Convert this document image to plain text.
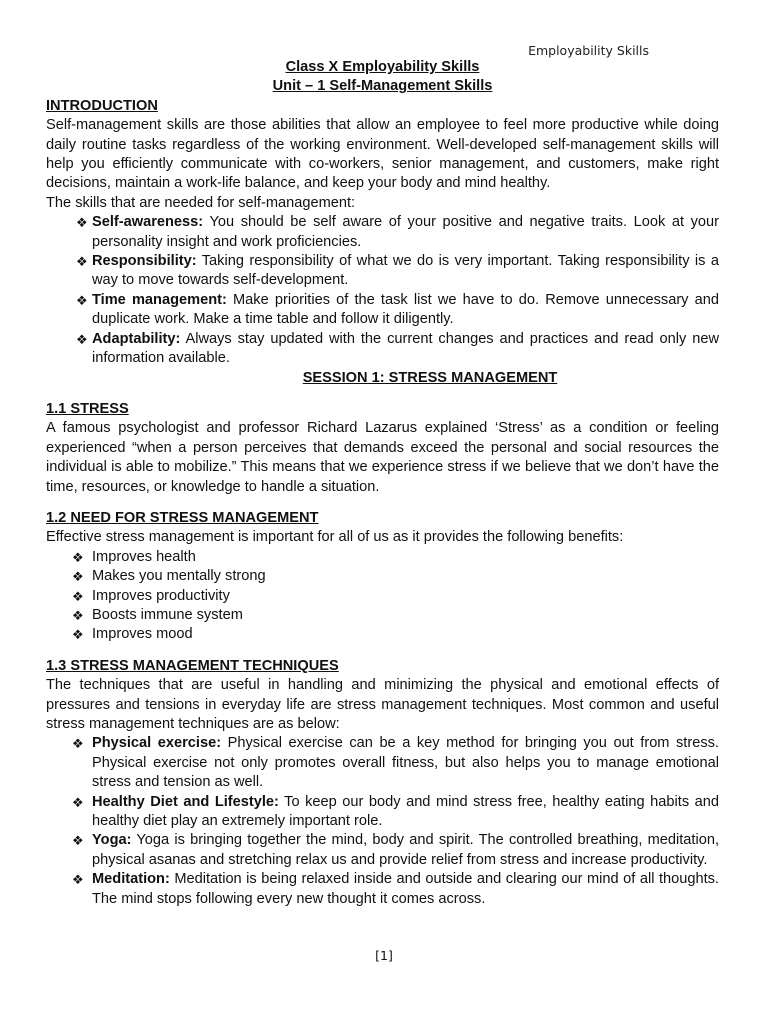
Employability Skills
Class X Employability Skills
Unit – 1 Self-Management Skills
INTRODUCTION

Self-management skills are those abilities that allow an employee to feel more productive while doing daily routine tasks regardless of the working environment. Well-developed self-management skills will help you efficiently communicate with co-workers, senior management, and customers, make right decisions, maintain a work-life balance, and keep your body and mind healthy.

The skills that are needed for self-management:

❖ Self-awareness: You should be self aware of your positive and negative traits. Look at your personality insight and work proficiencies.
❖ Responsibility: Taking responsibility of what we do is very important. Taking responsibility is a way to move towards self-development.
❖ Time management: Make priorities of the task list we have to do. Remove unnecessary and duplicate work. Make a time table and follow it diligently.
❖ Adaptability: Always stay updated with the current changes and practices and read only new information available.
SESSION 1: STRESS MANAGEMENT
1.1 STRESS

A famous psychologist and professor Richard Lazarus explained ‘Stress’ as a condition or feeling experienced “when a person perceives that demands exceed the personal and social resources the individual is able to mobilize.” This means that we experience stress if we believe that we don’t have the time, resources, or knowledge to handle a situation.

1.2 NEED FOR STRESS MANAGEMENT

Effective stress management is important for all of us as it provides the following benefits:

❖ Improves health
❖ Makes you mentally strong
❖ Improves productivity
❖ Boosts immune system
❖ Improves mood
1.3 STRESS MANAGEMENT TECHNIQUES

The techniques that are useful in handling and minimizing the physical and emotional effects of pressures and tensions in everyday life are stress management techniques. Most common and useful stress management techniques are as below:

❖ Physical exercise: Physical exercise can be a key method for bringing you out from stress. Physical exercise not only promotes overall fitness, but also helps you to manage emotional stress and tension as well.
❖ Healthy Diet and Lifestyle: To keep our body and mind stress free, healthy eating habits and healthy diet play an extremely important role.
❖ Yoga: Yoga is bringing together the mind, body and spirit. The controlled breathing, meditation, physical asanas and stretching relax us and provide relief from stress and increase productivity.
❖ Meditation: Meditation is being relaxed inside and outside and clearing our mind of all thoughts. The mind stops following every new thought it comes across.
[1]
